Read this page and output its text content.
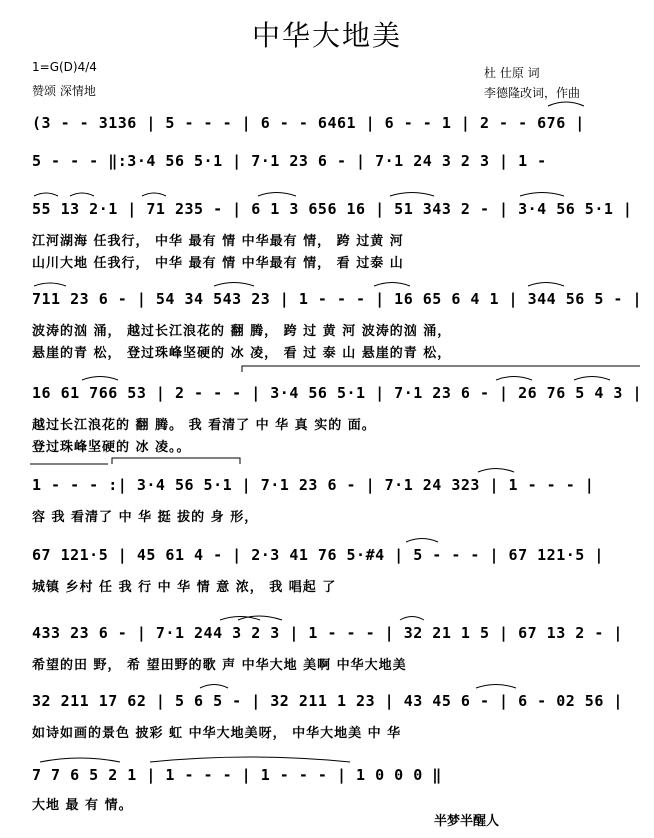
中华大地美
1=G(D)4/4
赞颂 深情地
杜 仕原 词
李德隆改词，作曲
(3 - - 3136 | 5 - - - | 6 - - 6461 | 6 - - 1 | 2 - - 676 |
5 - - - ‖:3·4 56 5·1 | 7·1 23 6 - | 7·1 24 3 2 3 | 1 -
55 13 2·1 | 71 235 - | 6 1 3 656 16 | 51 343 2 - | 3·4 56 5·1 |
江河湖海 任我行， 中华 最有 情 中华最有 情， 跨 过黄 河
山川大地 任我行， 中华 最有 情 中华最有 情， 看 过泰 山
711 23 6 - | 54 34 543 23 | 1 - - - | 16 65 6 4 1 | 344 56 5 - |
波涛的汹 涌， 越过长江浪花的 翻 腾， 跨 过 黄 河 波涛的汹 涌，
悬崖的青 松， 登过珠峰坚硬的 冰 凌， 看 过 泰 山 悬崖的青 松，
16 61 766 53 | 2 - - - | 3·4 56 5·1 | 7·1 23 6 - | 26 76 5 4 3 |
越过长江浪花的 翻 腾。 我 看清了 中 华 真 实的 面。
登过珠峰坚硬的 冰 凌。。
1 - - - :| 3·4 56 5·1 | 7·1 23 6 - | 7·1 24 323 | 1 - - - |
容 我 看清了 中 华 挺 拔的 身 形，
67 121·5 | 45 61 4 - | 2·3 41 76 5·#4 | 5 - - - | 67 121·5 |
城镇 乡村 任 我 行 中 华 情 意 浓， 我 唱起 了
433 23 6 - | 7·1 244 3 2 3 | 1 - - - | 32 21 1 5 | 67 13 2 - |
希望的田 野， 希 望田野的歌 声 中华大地 美啊 中华大地美
32 211 17 62 | 5 6 5 - | 32 211 1 23 | 43 45 6 - | 6 - 02 56 |
如诗如画的景色 披彩 虹 中华大地美呀， 中华大地美 中 华
7 7 6 5 2 1 | 1 - - - | 1 - - - | 1 0 0 0 ‖
大地 最 有 情。
半梦半醒人
